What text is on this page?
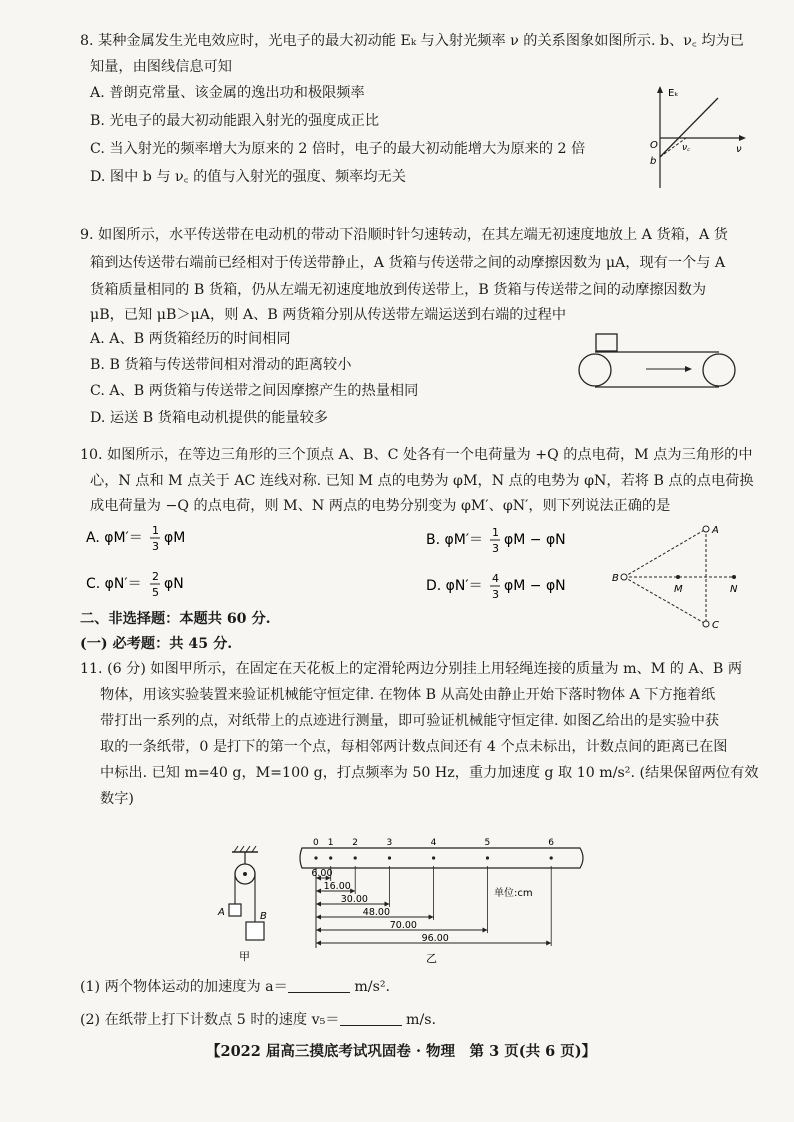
8. 某种金属发生光电效应时，光电子的最大初动能 Eₖ 与入射光频率 ν 的关系图象如图所示. b、ν꜀ 均为已
知量，由图线信息可知
A. 普朗克常量、该金属的逸出功和极限频率
B. 光电子的最大初动能跟入射光的强度成正比
C. 当入射光的频率增大为原来的 2 倍时，电子的最大初动能增大为原来的 2 倍
D. 图中 b 与 ν꜀ 的值与入射光的强度、频率均无关
Eₖ
ν
O
b
ν꜀
9. 如图所示，水平传送带在电动机的带动下沿顺时针匀速转动，在其左端无初速度地放上 A 货箱，A 货
箱到达传送带右端前已经相对于传送带静止，A 货箱与传送带之间的动摩擦因数为 μA，现有一个与 A
货箱质量相同的 B 货箱，仍从左端无初速度地放到传送带上，B 货箱与传送带之间的动摩擦因数为
μB，已知 μB＞μA，则 A、B 两货箱分别从传送带左端运送到右端的过程中
A. A、B 两货箱经历的时间相同
B. B 货箱与传送带间相对滑动的距离较小
C. A、B 两货箱与传送带之间因摩擦产生的热量相同
D. 运送 B 货箱电动机提供的能量较多
10. 如图所示，在等边三角形的三个顶点 A、B、C 处各有一个电荷量为 +Q 的点电荷，M 点为三角形的中
心，N 点和 M 点关于 AC 连线对称. 已知 M 点的电势为 φM，N 点的电势为 φN，若将 B 点的点电荷换
成电荷量为 −Q 的点电荷，则 M、N 两点的电势分别变为 φM′、φN′，则下列说法正确的是
A. φM′＝ 1
3
φM	B. φM′＝ 1
3
φM − φN
C. φN′＝ 2
5
φN	D. φN′＝ 4
3
φM − φN
A
B
C
M	N
二、非选择题：本题共 60 分.
(一) 必考题：共 45 分.
11. (6 分) 如图甲所示，在固定在天花板上的定滑轮两边分别挂上用轻绳连接的质量为 m、M 的 A、B 两
物体，用该实验装置来验证机械能守恒定律. 在物体 B 从高处由静止开始下落时物体 A 下方拖着纸
带打出一系列的点，对纸带上的点迹进行测量，即可验证机械能守恒定律. 如图乙给出的是实验中获
取的一条纸带，0 是打下的第一个点，每相邻两计数点间还有 4 个点未标出，计数点间的距离已在图
中标出. 已知 m=40 g，M=100 g，打点频率为 50 Hz，重力加速度 g 取 10 m/s². (结果保留两位有效
数字)
A	B
甲
0 1 2	3	4	5	6
6.00
16.00
30.00
48.00
70.00
96.00
单位:cm
乙
(1) 两个物体运动的加速度为 a＝	m/s².
(2) 在纸带上打下计数点 5 时的速度 v₅＝	m/s.
【2022 届高三摸底考试巩固卷 · 物理　第 3 页(共 6 页)】
